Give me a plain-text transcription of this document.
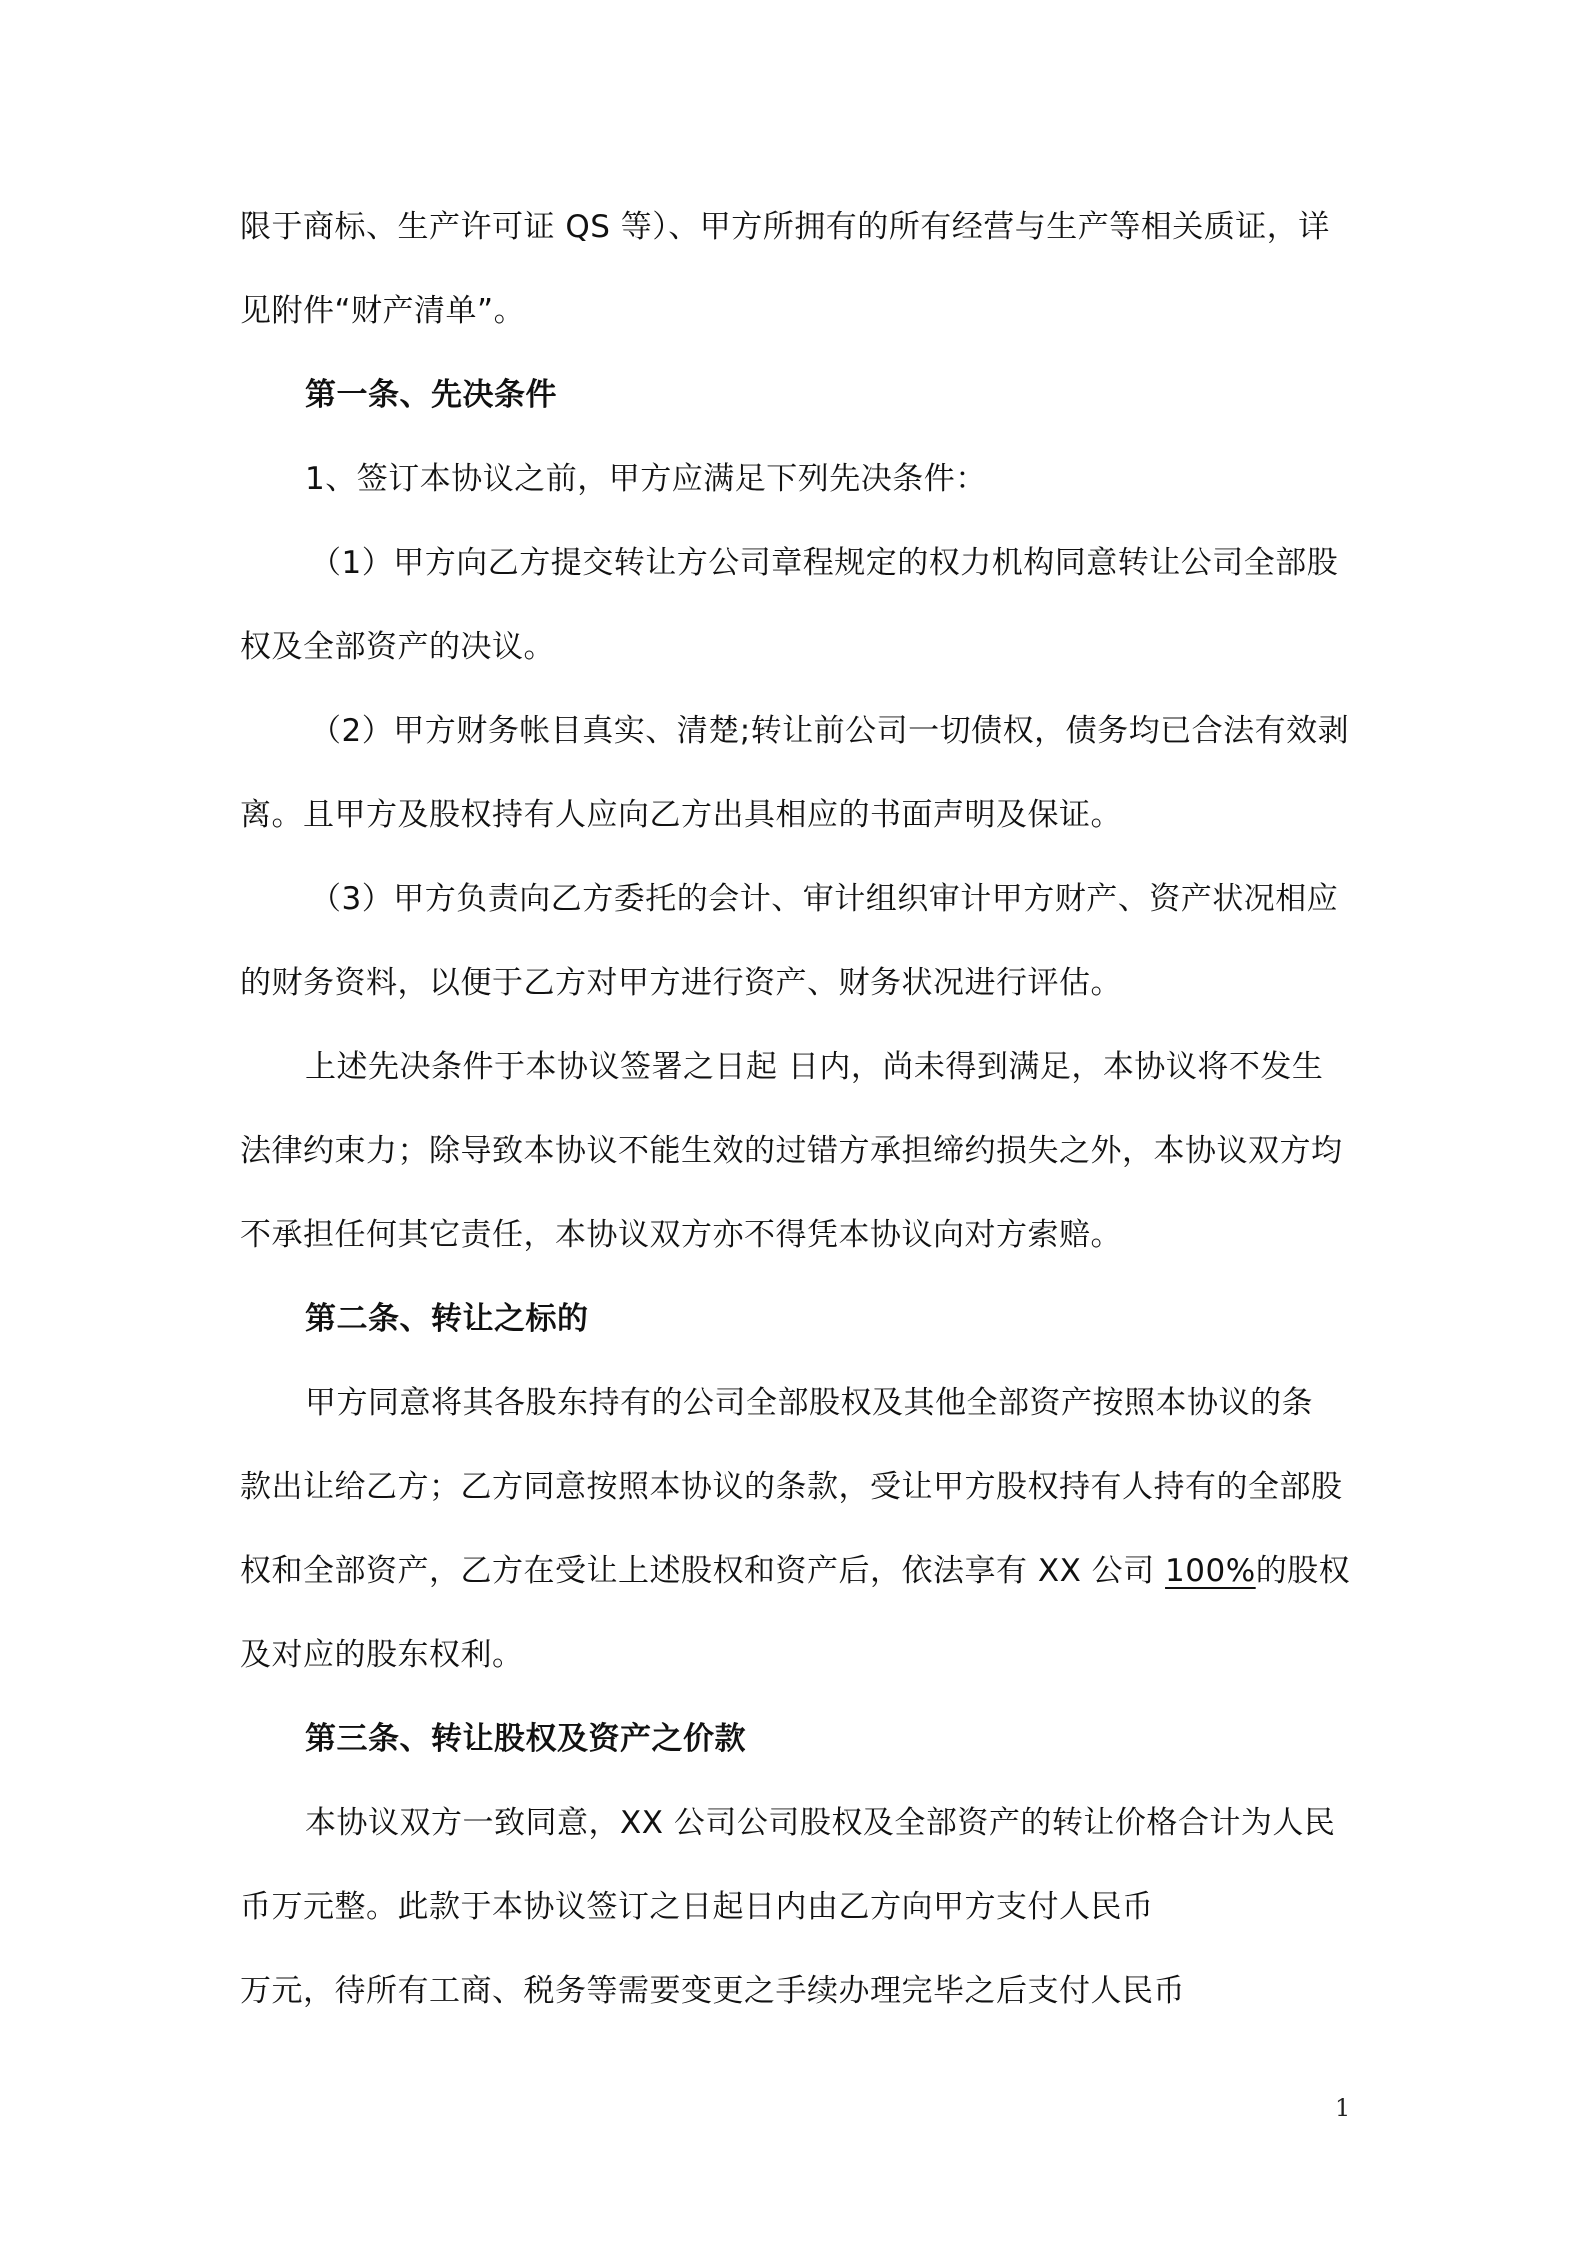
限于商标、生产许可证 QS 等）、甲方所拥有的所有经营与生产等相关质证，详
见附件“财产清单”。
第一条、先决条件
1、签订本协议之前，甲方应满足下列先决条件：
（1）甲方向乙方提交转让方公司章程规定的权力机构同意转让公司全部股
权及全部资产的决议。
（2）甲方财务帐目真实、清楚;转让前公司一切债权，债务均已合法有效剥
离。且甲方及股权持有人应向乙方出具相应的书面声明及保证。
（3）甲方负责向乙方委托的会计、审计组织审计甲方财产、资产状况相应
的财务资料，以便于乙方对甲方进行资产、财务状况进行评估。
上述先决条件于本协议签署之日起 日内，尚未得到满足，本协议将不发生
法律约束力；除导致本协议不能生效的过错方承担缔约损失之外，本协议双方均
不承担任何其它责任，本协议双方亦不得凭本协议向对方索赔。
第二条、转让之标的
甲方同意将其各股东持有的公司全部股权及其他全部资产按照本协议的条
款出让给乙方；乙方同意按照本协议的条款，受让甲方股权持有人持有的全部股
权和全部资产，乙方在受让上述股权和资产后，依法享有 XX 公司 100%的股权
及对应的股东权利。
第三条、转让股权及资产之价款
本协议双方一致同意，XX 公司公司股权及全部资产的转让价格合计为人民
币万元整。此款于本协议签订之日起日内由乙方向甲方支付人民币
万元，待所有工商、税务等需要变更之手续办理完毕之后支付人民币
1
